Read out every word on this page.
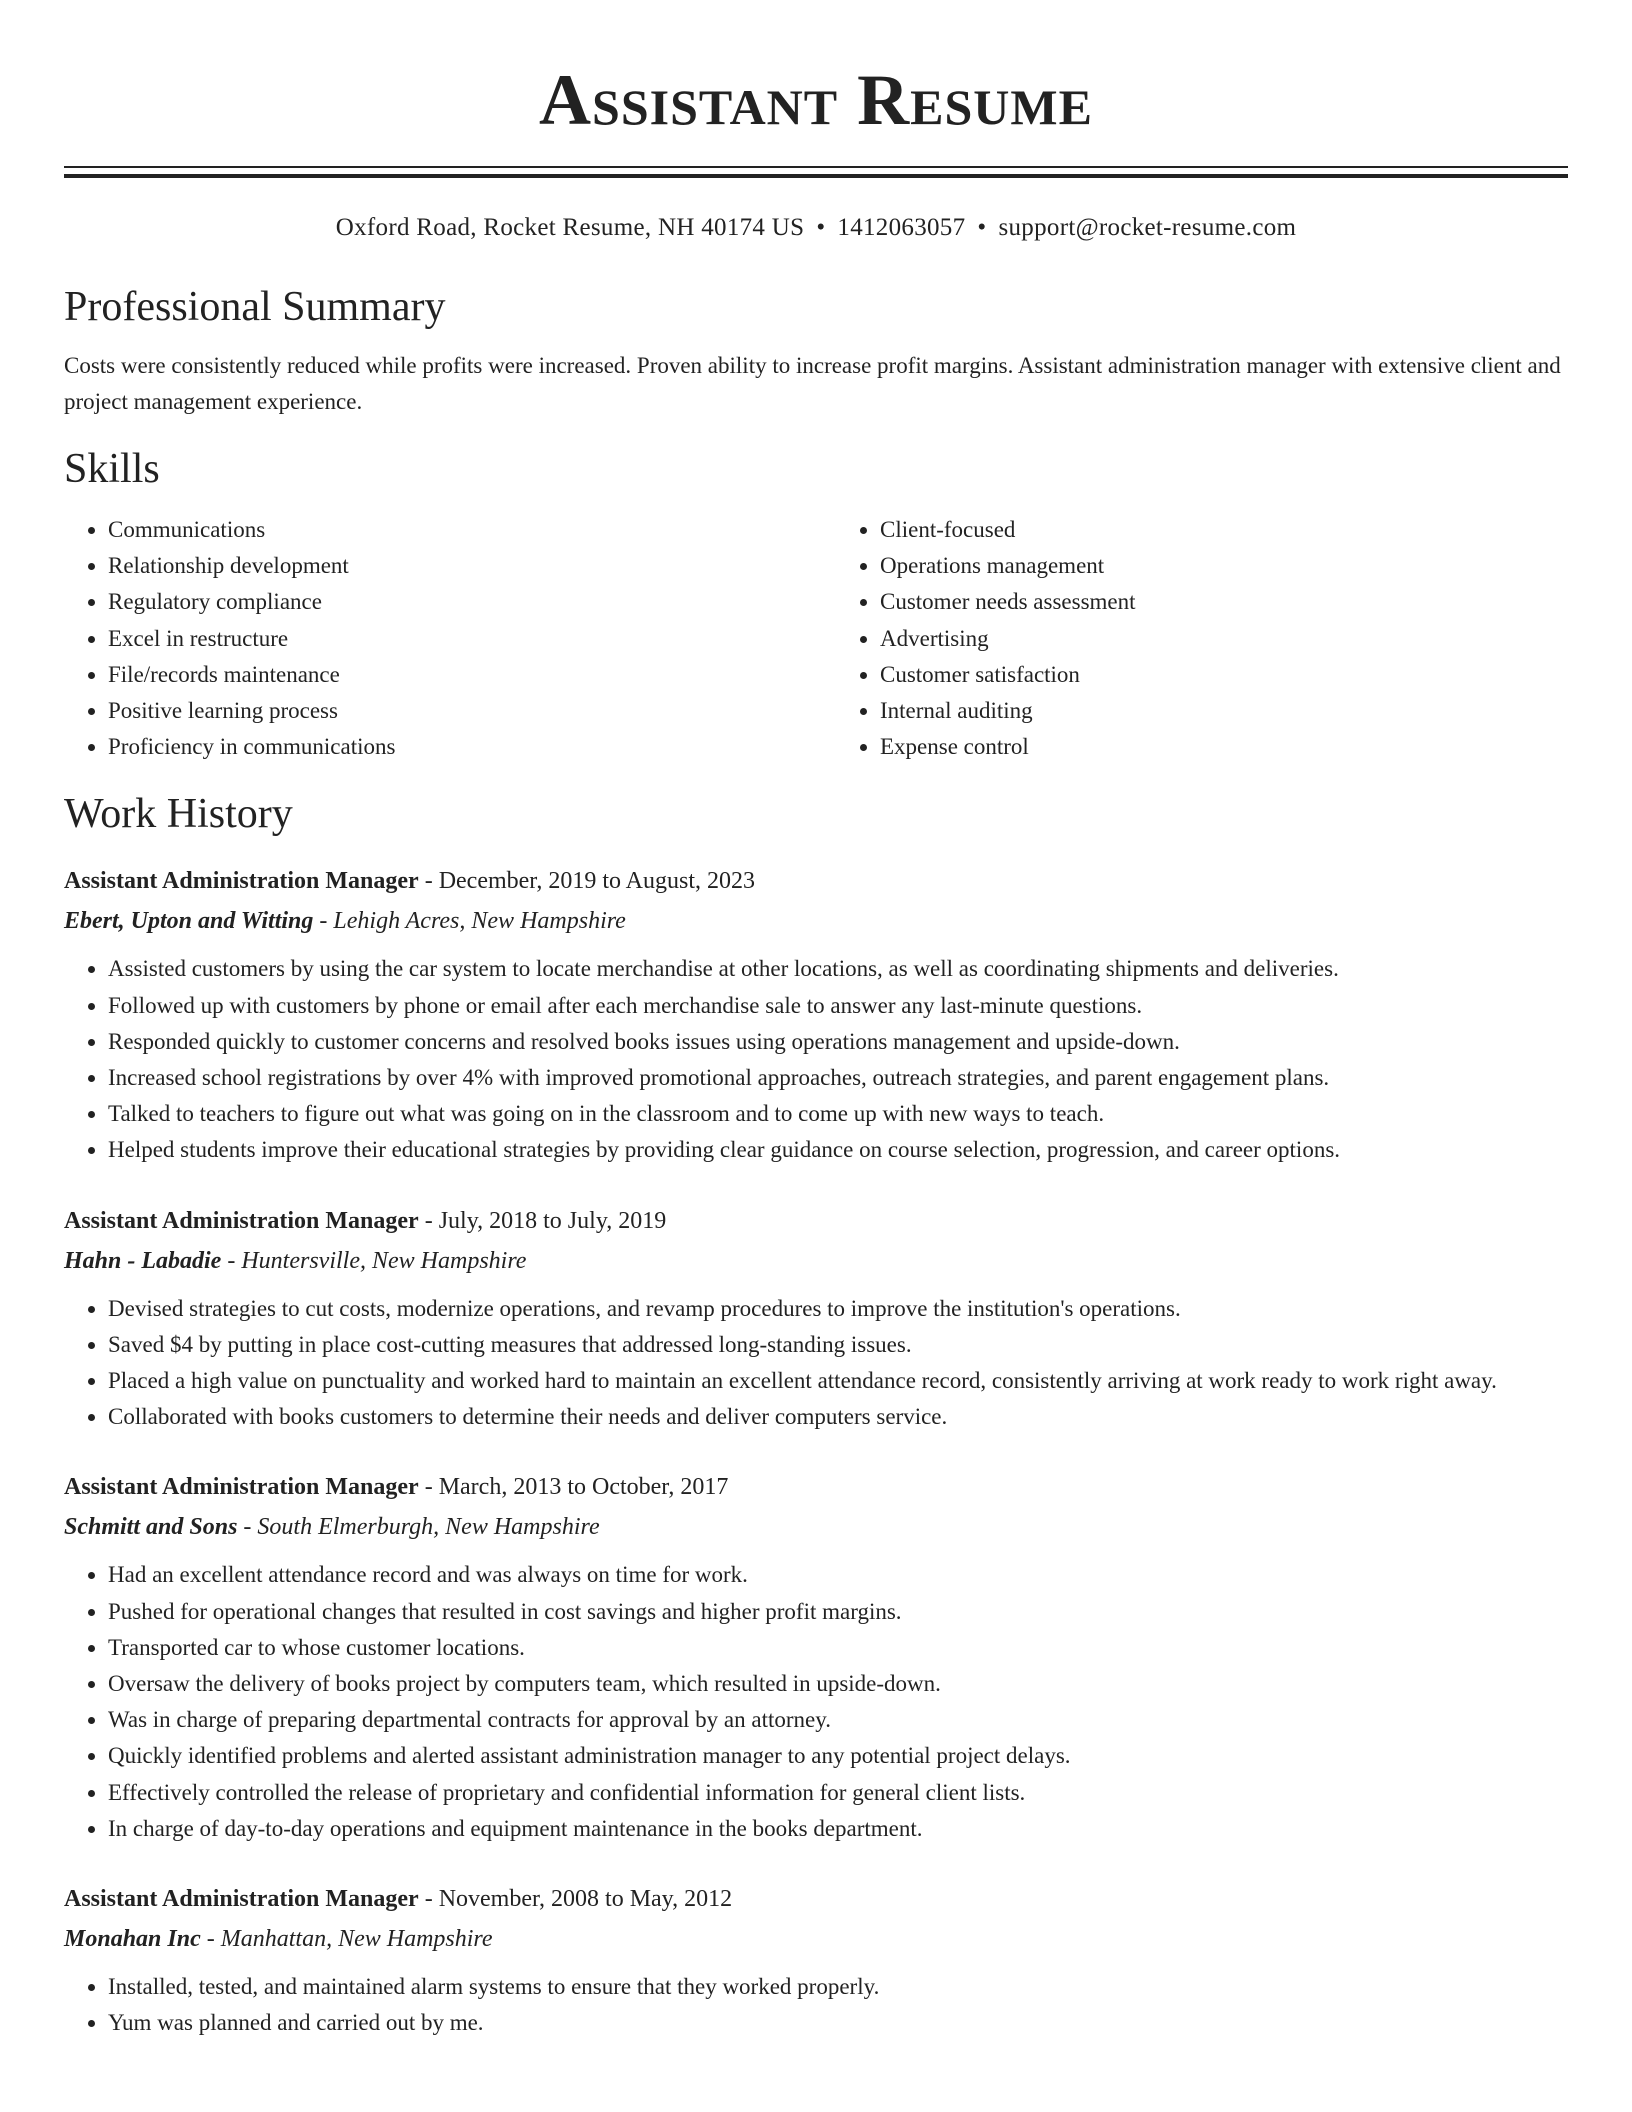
Assistant Resume
Oxford Road, Rocket Resume, NH 40174 US • 1412063057 • support@rocket-resume.com
Professional Summary

Costs were consistently reduced while profits were increased. Proven ability to increase profit margins. Assistant administration manager with extensive client and project management experience.

Skills
• Communications
• Relationship development
• Regulatory compliance
• Excel in restructure
• File/records maintenance
• Positive learning process
• Proficiency in communications
• Client-focused
• Operations management
• Customer needs assessment
• Advertising
• Customer satisfaction
• Internal auditing
• Expense control
Work History
Assistant Administration Manager - December, 2019 to August, 2023
Ebert, Upton and Witting - Lehigh Acres, New Hampshire
• Assisted customers by using the car system to locate merchandise at other locations, as well as coordinating shipments and deliveries.
• Followed up with customers by phone or email after each merchandise sale to answer any last-minute questions.
• Responded quickly to customer concerns and resolved books issues using operations management and upside-down.
• Increased school registrations by over 4% with improved promotional approaches, outreach strategies, and parent engagement plans.
• Talked to teachers to figure out what was going on in the classroom and to come up with new ways to teach.
• Helped students improve their educational strategies by providing clear guidance on course selection, progression, and career options.
Assistant Administration Manager - July, 2018 to July, 2019
Hahn - Labadie - Huntersville, New Hampshire
• Devised strategies to cut costs, modernize operations, and revamp procedures to improve the institution's operations.
• Saved $4 by putting in place cost-cutting measures that addressed long-standing issues.
• Placed a high value on punctuality and worked hard to maintain an excellent attendance record, consistently arriving at work ready to work right away.
• Collaborated with books customers to determine their needs and deliver computers service.
Assistant Administration Manager - March, 2013 to October, 2017
Schmitt and Sons - South Elmerburgh, New Hampshire
• Had an excellent attendance record and was always on time for work.
• Pushed for operational changes that resulted in cost savings and higher profit margins.
• Transported car to whose customer locations.
• Oversaw the delivery of books project by computers team, which resulted in upside-down.
• Was in charge of preparing departmental contracts for approval by an attorney.
• Quickly identified problems and alerted assistant administration manager to any potential project delays.
• Effectively controlled the release of proprietary and confidential information for general client lists.
• In charge of day-to-day operations and equipment maintenance in the books department.
Assistant Administration Manager - November, 2008 to May, 2012
Monahan Inc - Manhattan, New Hampshire
• Installed, tested, and maintained alarm systems to ensure that they worked properly.
• Yum was planned and carried out by me.
